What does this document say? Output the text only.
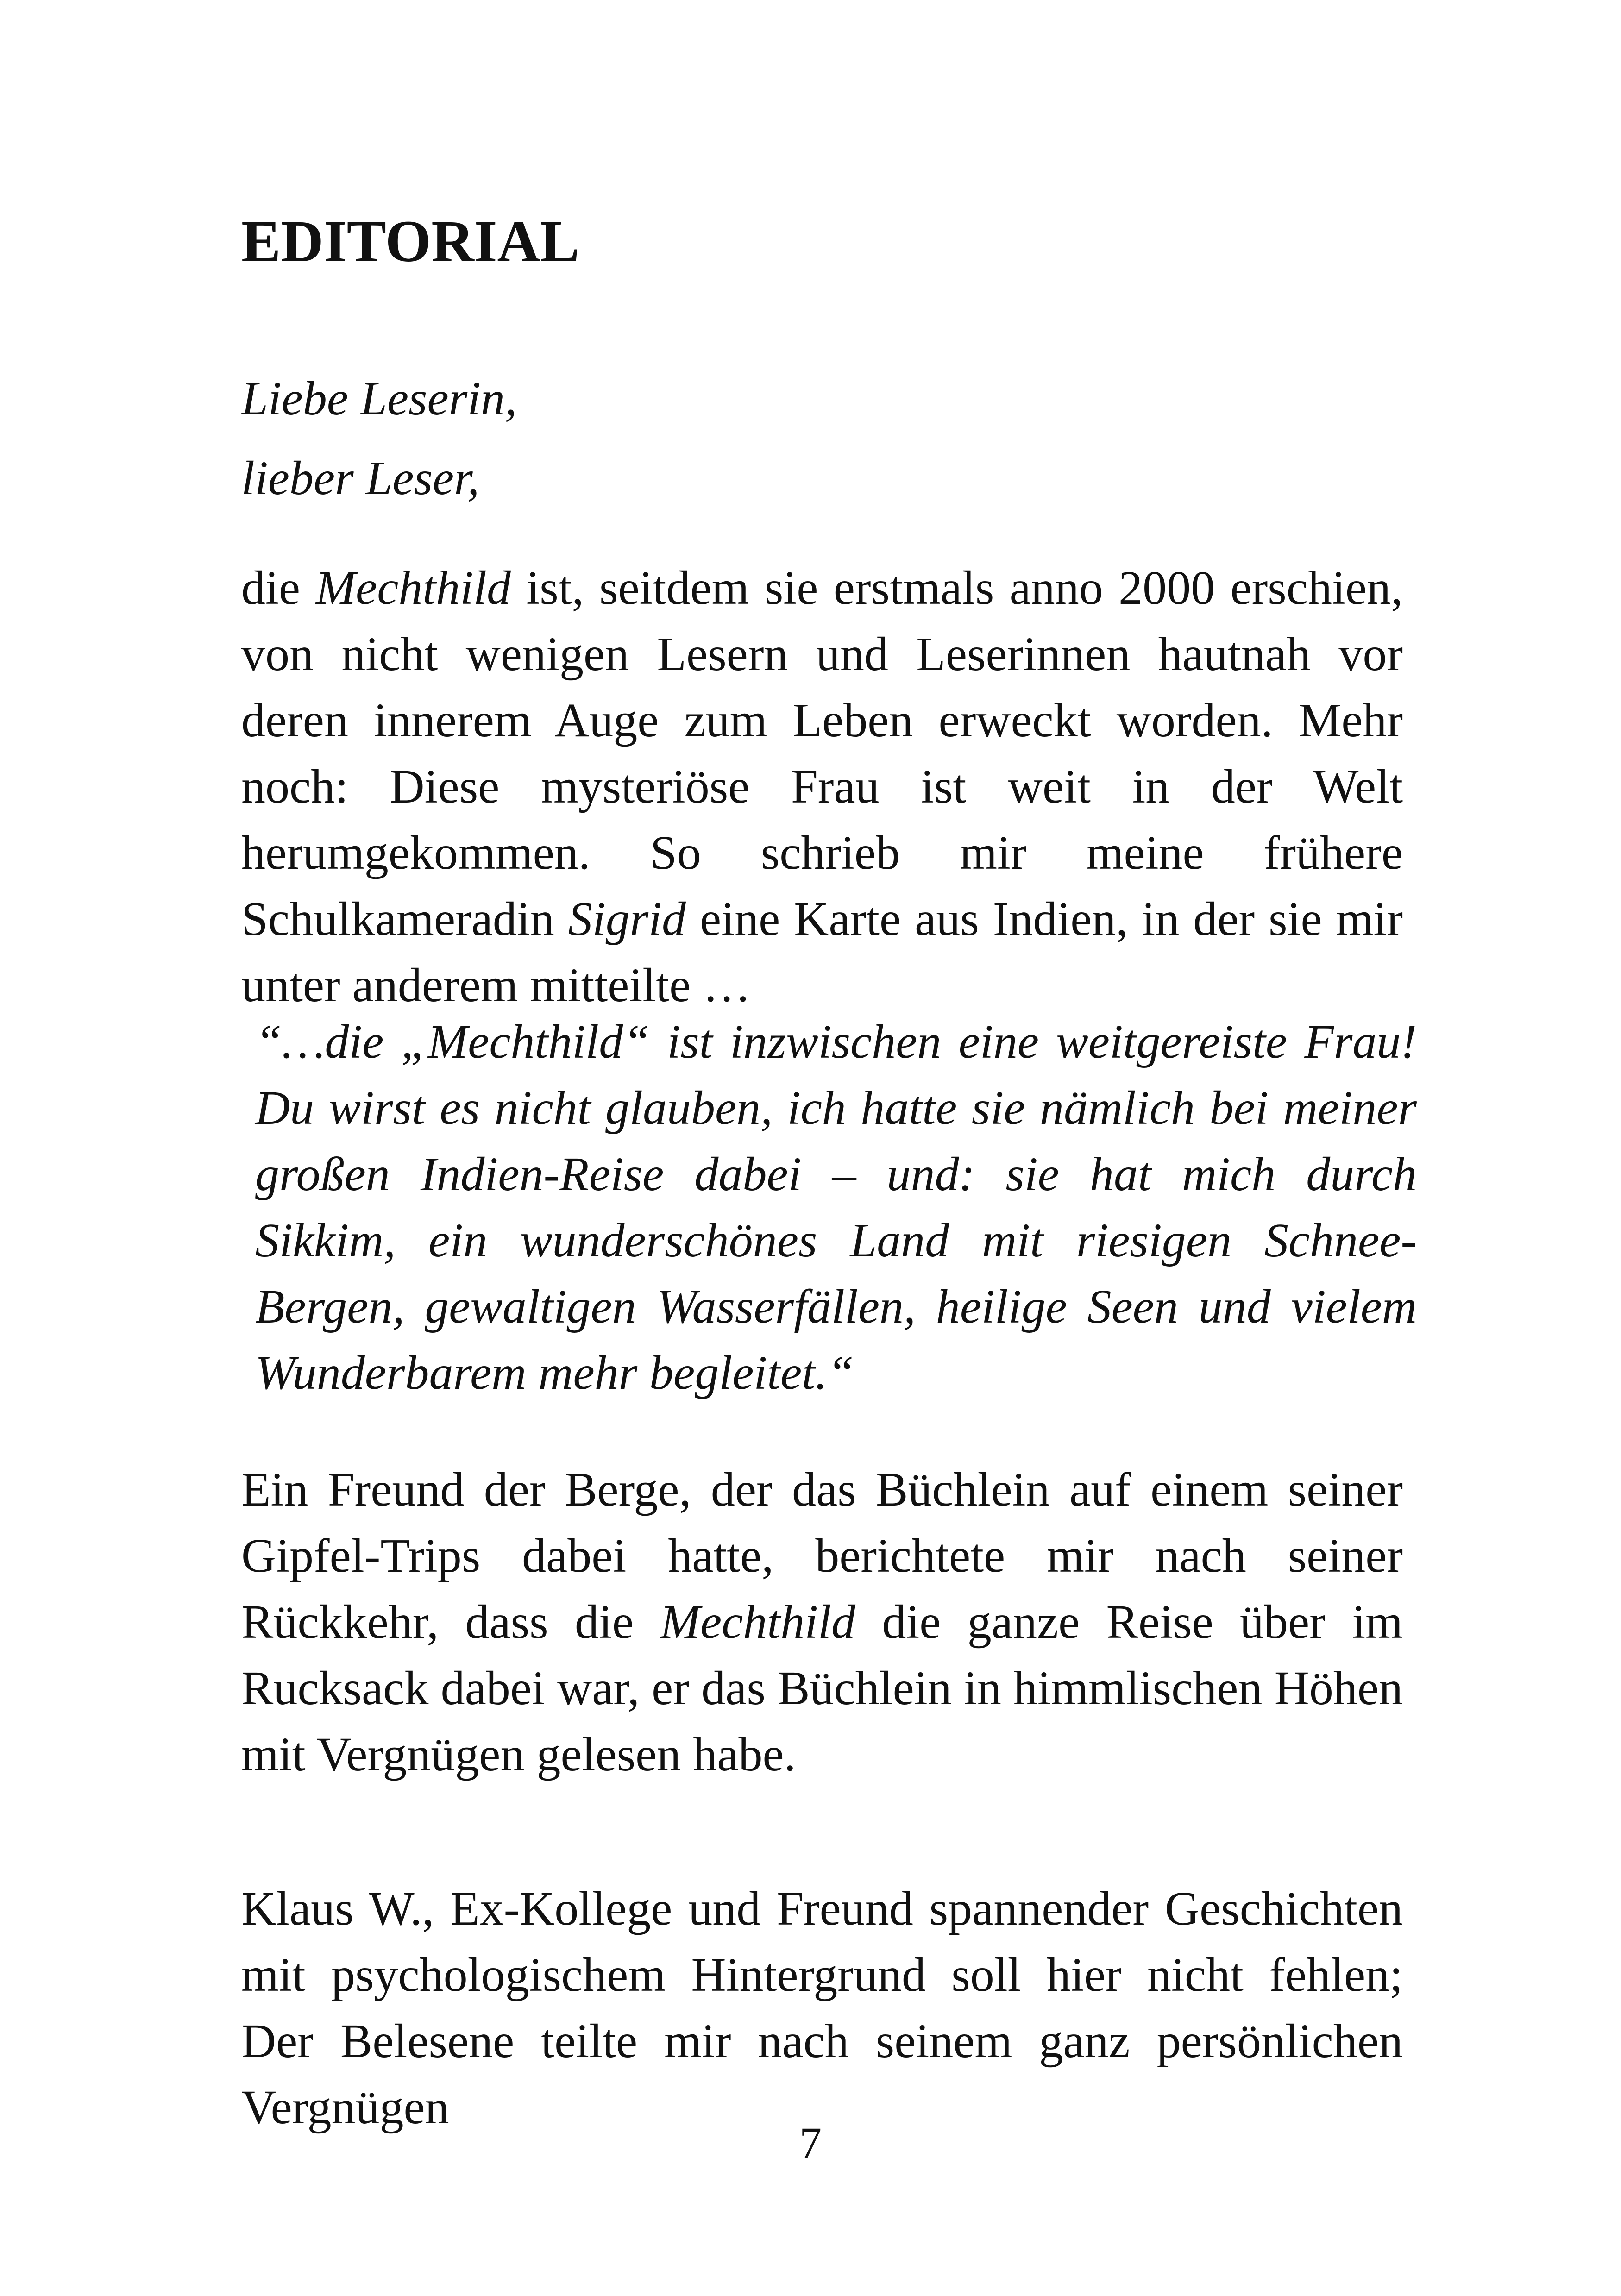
EDITORIAL
Liebe Leserin,
lieber Leser,

die Mechthild ist, seitdem sie erstmals anno 2000 erschien, von nicht wenigen Lesern und Leserinnen hautnah vor deren innerem Auge zum Leben erweckt worden. Mehr noch: Diese mysteriöse Frau ist weit in der Welt herumgekommen. So schrieb mir meine frühere Schulkameradin Sigrid eine Karte aus Indien, in der sie mir unter anderem mitteilte …

“…die „Mechthild“ ist inzwischen eine weitgereiste Frau! Du wirst es nicht glauben, ich hatte sie nämlich bei meiner großen Indien-Reise dabei – und: sie hat mich durch Sikkim, ein wunderschönes Land mit riesigen Schnee-Bergen, gewaltigen Wasserfällen, heilige Seen und vielem Wunderbarem mehr begleitet.“

Ein Freund der Berge, der das Büchlein auf einem seiner Gipfel-Trips dabei hatte, berichtete mir nach seiner Rückkehr, dass die Mechthild die ganze Reise über im Rucksack dabei war, er das Büchlein in himmlischen Höhen mit Vergnügen gelesen habe.

Klaus W., Ex-Kollege und Freund spannender Geschichten mit psychologischem Hintergrund soll hier nicht fehlen; Der Belesene teilte mir nach seinem ganz persönlichen Vergnügen

7
